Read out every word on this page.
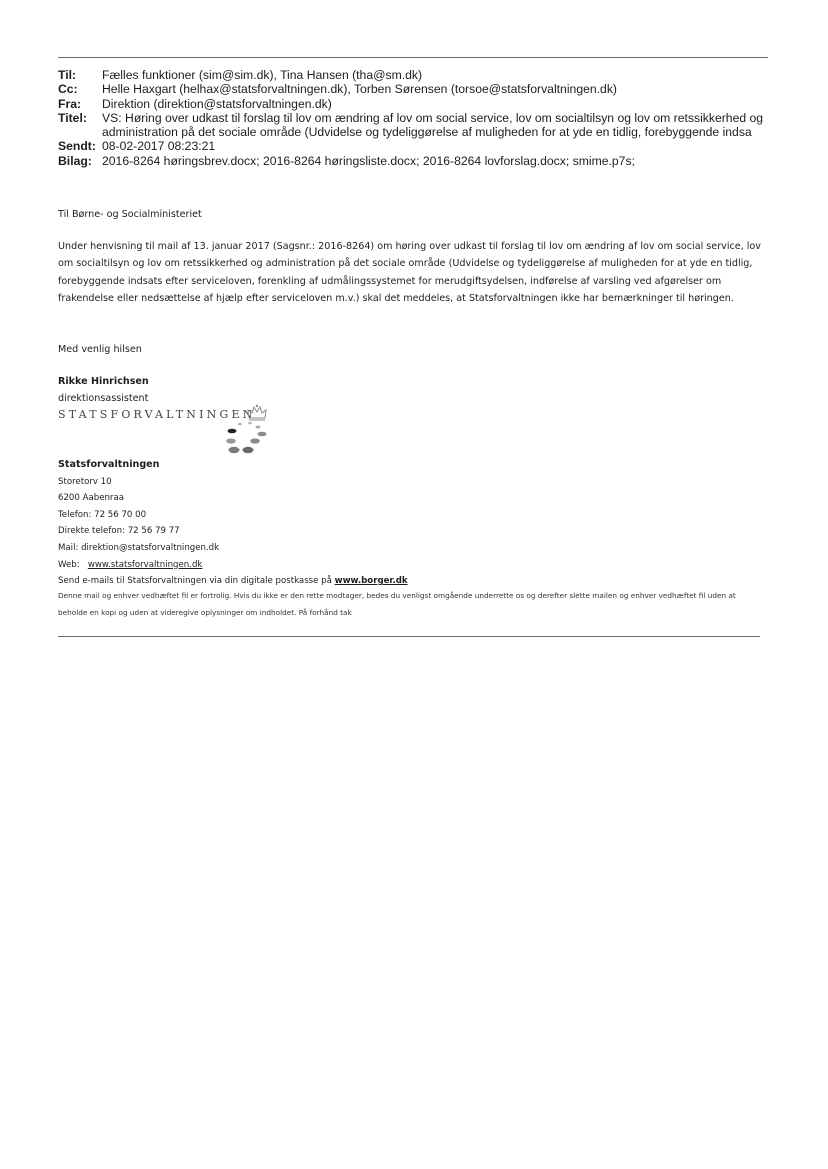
Til:	Fælles funktioner (sim@sim.dk), Tina Hansen (tha@sm.dk)
Cc:	Helle Haxgart (helhax@statsforvaltningen.dk), Torben Sørensen (torsoe@statsforvaltningen.dk)
Fra:	Direktion (direktion@statsforvaltningen.dk)
Titel:	VS: Høring over udkast til forslag til lov om ændring af lov om social service, lov om socialtilsyn og lov om retssikkerhed og administration på det sociale område (Udvidelse og tydeliggørelse af muligheden for at yde en tidlig, forebyggende indsa
Sendt: 08-02-2017 08:23:21
Bilag: 2016-8264 høringsbrev.docx; 2016-8264 høringsliste.docx; 2016-8264 lovforslag.docx; smime.p7s;

Til Børne- og Socialministeriet

Under henvisning til mail af 13. januar 2017 (Sagsnr.: 2016-8264) om høring over udkast til forslag til lov om ændring af lov om social service, lov om socialtilsyn og lov om retssikkerhed og administration på det sociale område (Udvidelse og tydeliggørelse af muligheden for at yde en tidlig, forebyggende indsats efter serviceloven, forenkling af udmålingssystemet for merudgiftsydelsen, indførelse af varsling ved afgørelser om frakendelse eller nedsættelse af hjælp efter serviceloven m.v.) skal det meddeles, at Statsforvaltningen ikke har bemærkninger til høringen.

Med venlig hilsen

Rikke Hinrichsen

direktionsassistent

STATSFORVALTNINGEN

Statsforvaltningen

Storetorv 10

6200 Aabenraa

Telefon: 72 56 70 00

Direkte telefon: 72 56 79 77

Mail: direktion@statsforvaltningen.dk

Web:   www.statsforvaltningen.dk

Send e-mails til Statsforvaltningen via din digitale postkasse på www.borger.dk

Denne mail og enhver vedhæftet fil er fortrolig. Hvis du ikke er den rette modtager, bedes du venligst omgående underrette os og derefter slette mailen og enhver vedhæftet fil uden at beholde en kopi og uden at videregive oplysninger om indholdet. På forhånd tak
